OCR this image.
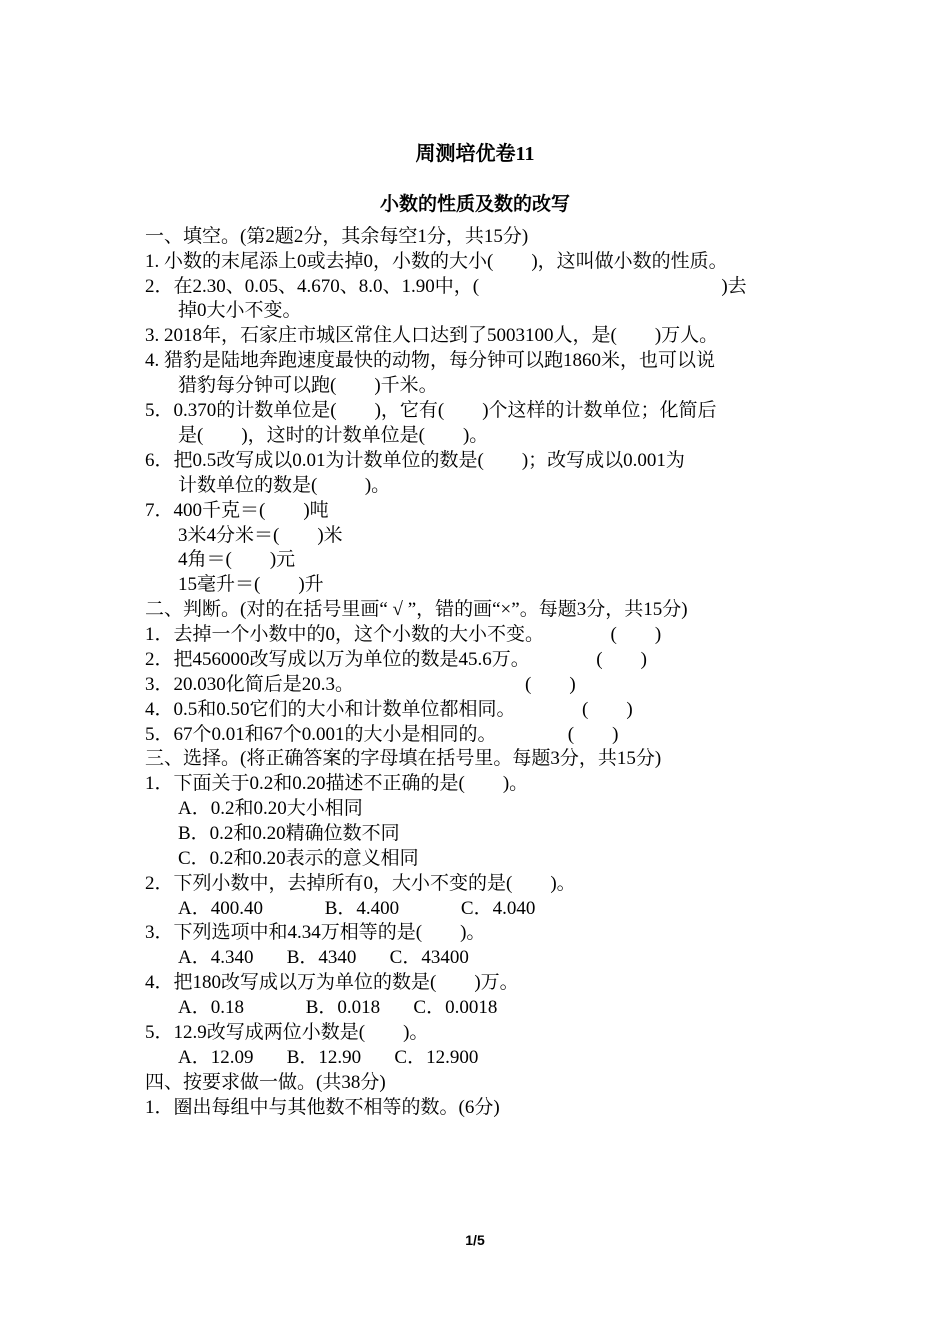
周测培优卷11
小数的性质及数的改写
一、填空。(第2题2分，其余每空1分，共15分)
1. 小数的末尾添上0或去掉0，小数的大小(        )，这叫做小数的性质。
2．在2.30、0.05、4.670、8.0、1.90中，(                                                   )去
掉0大小不变。
3. 2018年，石家庄市城区常住人口达到了5003100人，是(        )万人。
4. 猎豹是陆地奔跑速度最快的动物，每分钟可以跑1860米，也可以说
猎豹每分钟可以跑(        )千米。
5．0.370的计数单位是(        )，它有(        )个这样的计数单位；化简后
是(        )，这时的计数单位是(        )。
6．把0.5改写成以0.01为计数单位的数是(        )；改写成以0.001为
计数单位的数是(          )。
7．400千克＝(        )吨
3米4分米＝(        )米
4角＝(        )元
15毫升＝(        )升
二、判断。(对的在括号里画“ √ ”，错的画“×”。每题3分，共15分)
1．去掉一个小数中的0，这个小数的大小不变。              (        )
2．把456000改写成以万为单位的数是45.6万。              (        )
3．20.030化简后是20.3。                                    (        )
4．0.5和0.50它们的大小和计数单位都相同。              (        )
5．67个0.01和67个0.001的大小是相同的。               (        )
三、选择。(将正确答案的字母填在括号里。每题3分，共15分)
1．下面关于0.2和0.20描述不正确的是(        )。
A．0.2和0.20大小相同
B．0.2和0.20精确位数不同
C．0.2和0.20表示的意义相同
2．下列小数中，去掉所有0，大小不变的是(        )。
A．400.40             B．4.400             C．4.040
3．下列选项中和4.34万相等的是(        )。
A．4.340       B．4340       C．43400
4．把180改写成以万为单位的数是(        )万。
A．0.18             B．0.018       C．0.0018
5．12.9改写成两位小数是(        )。
A．12.09       B．12.90       C．12.900
四、按要求做一做。(共38分)
1．圈出每组中与其他数不相等的数。(6分)
1/5
